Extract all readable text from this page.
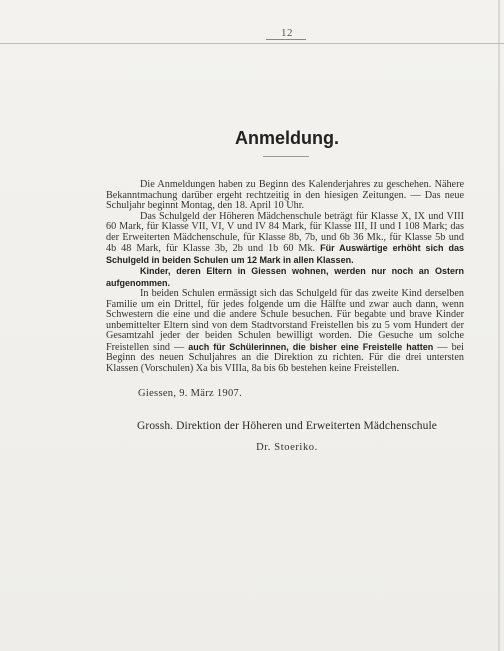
12
Anmeldung.

Die Anmeldungen haben zu Beginn des Kalenderjahres zu geschehen. Nähere Bekanntmachung darüber ergeht rechtzeitig in den hiesigen Zeitungen. — Das neue Schuljahr beginnt Montag, den 18. April 10 Uhr.

Das Schulgeld der Höheren Mädchenschule beträgt für Klasse X, IX und VIII 60 Mark, für Klasse VII, VI, V und IV 84 Mark, für Klasse III, II und I 108 Mark; das der Erweiterten Mädchenschule, für Klasse 8b, 7b, und 6b 36 Mk., für Klasse 5b und 4b 48 Mark, für Klasse 3b, 2b und 1b 60 Mk. Für Auswärtige erhöht sich das Schulgeld in beiden Schulen um 12 Mark in allen Klassen.

Kinder, deren Eltern in Giessen wohnen, werden nur noch an Ostern aufgenommen.

In beiden Schulen ermässigt sich das Schulgeld für das zweite Kind derselben Familie um ein Drittel, für jedes folgende um die Hälfte und zwar auch dann, wenn Schwestern die eine und die andere Schule besuchen. Für begabte und brave Kinder unbemittelter Eltern sind von dem Stadtvorstand Freistellen bis zu 5 vom Hundert der Gesamtzahl jeder der beiden Schulen bewilligt worden. Die Gesuche um solche Freistellen sind — auch für Schülerinnen, die bisher eine Freistelle hatten — bei Beginn des neuen Schuljahres an die Direktion zu richten. Für die drei untersten Klassen (Vorschulen) Xa bis VIIIa, 8a bis 6b bestehen keine Freistellen.

Giessen, 9. März 1907.
Grossh. Direktion der Höheren und Erweiterten Mädchenschule
Dr. Stoeriko.
